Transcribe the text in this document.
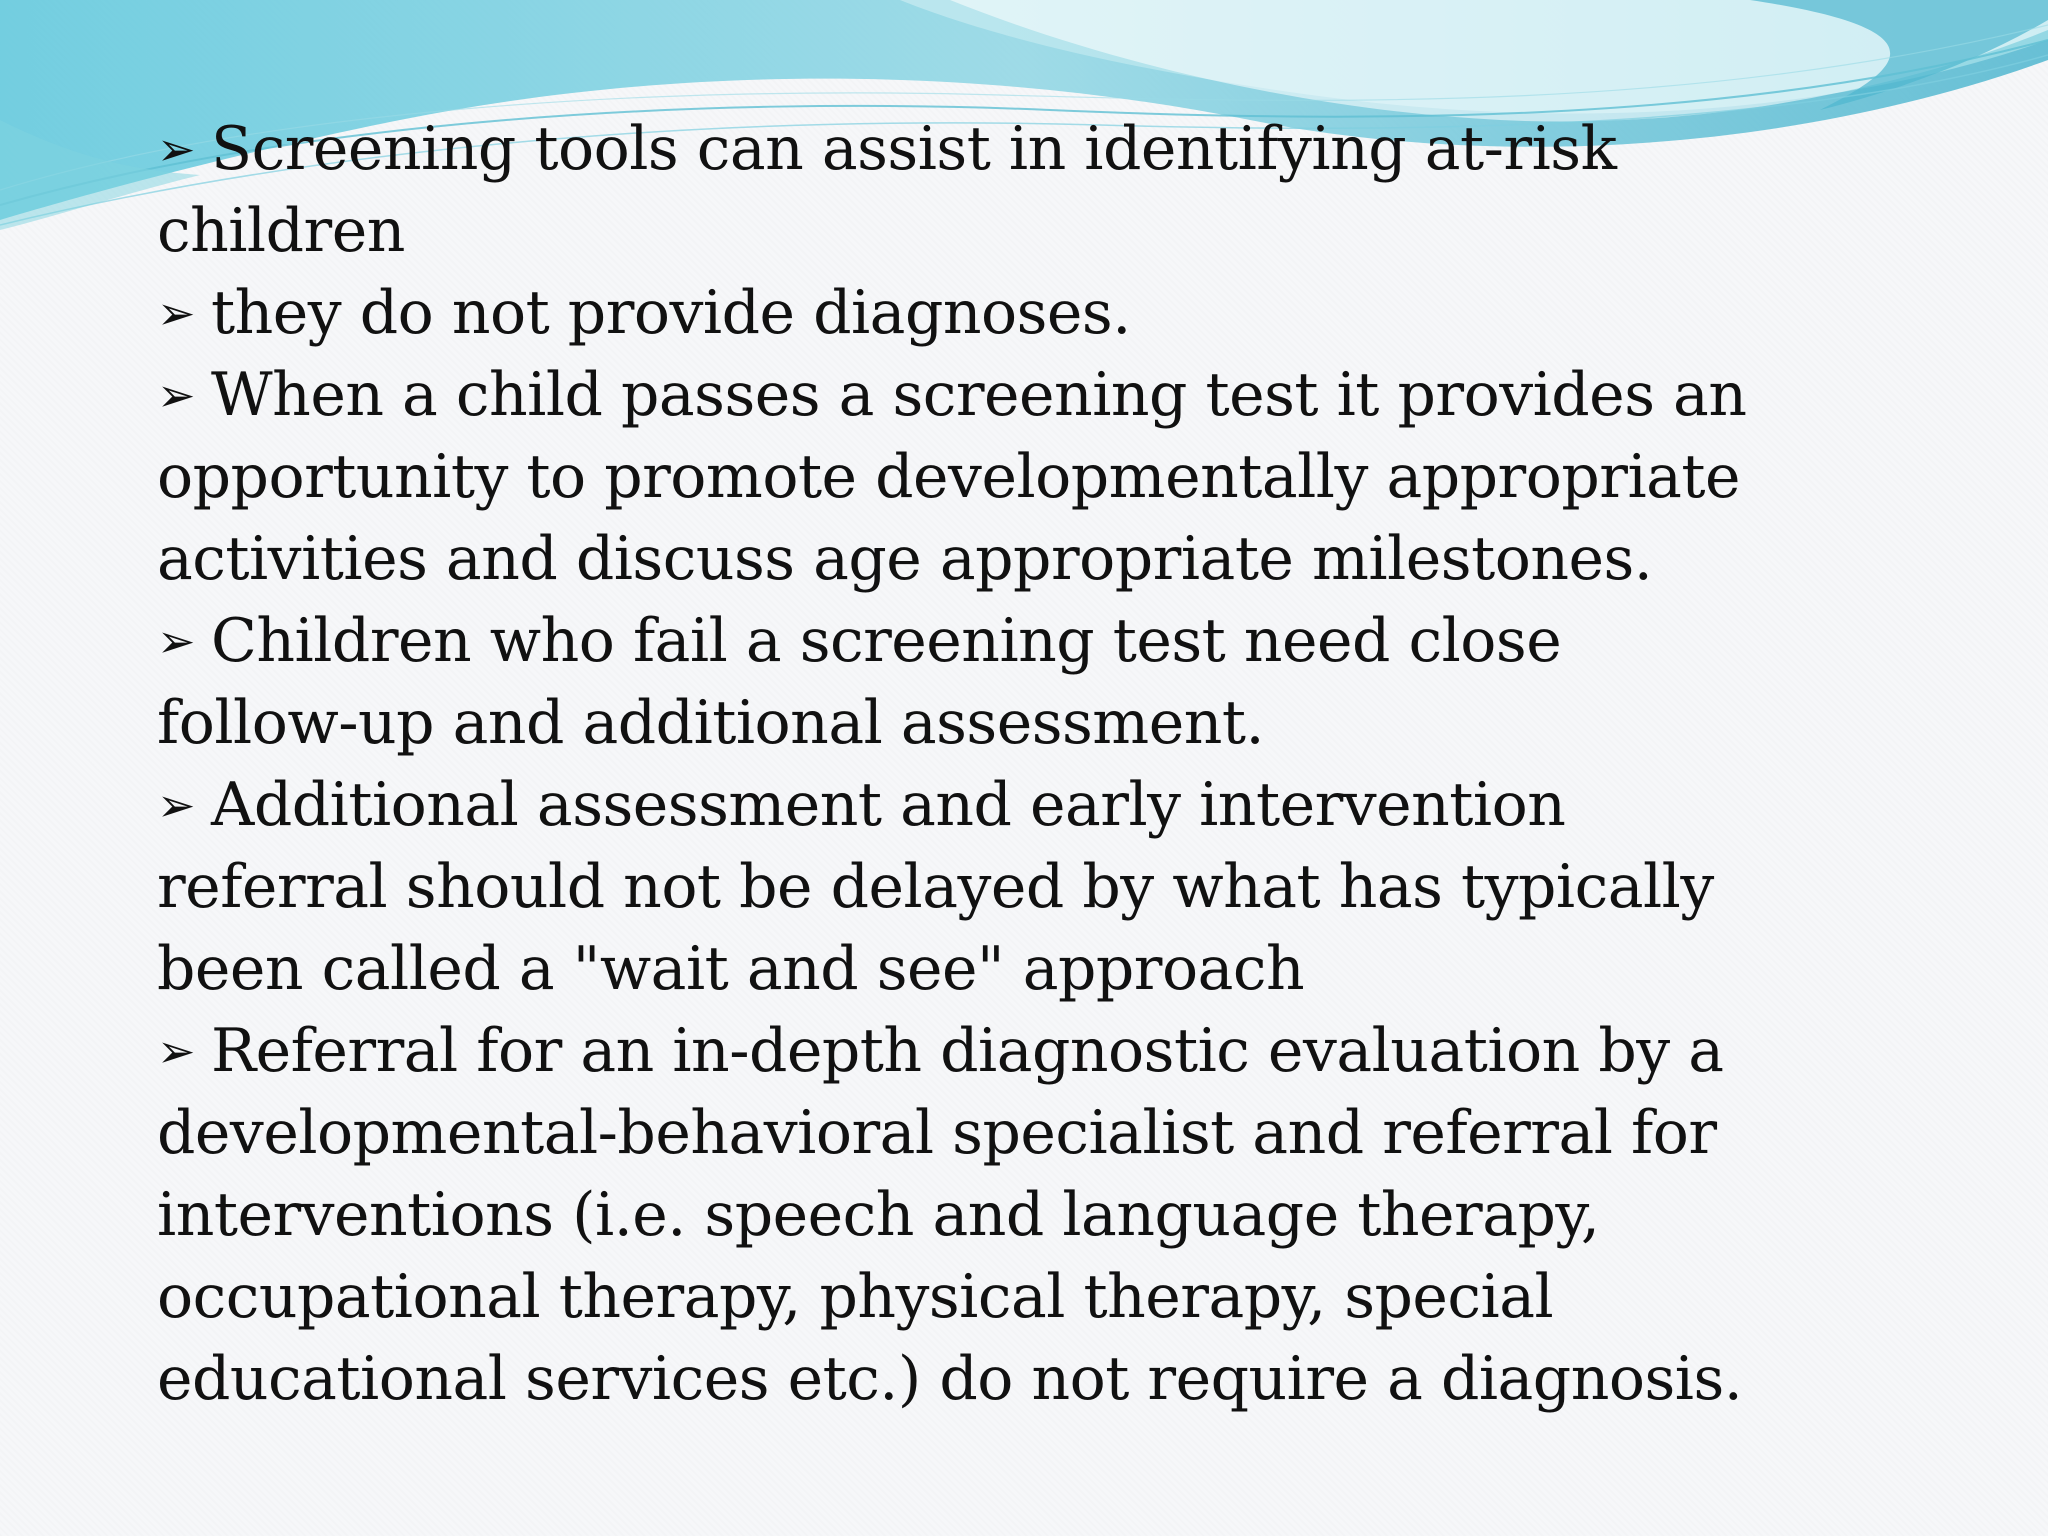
➢ Screening tools can assist in identifying at-risk children
➢ they do not provide diagnoses.
➢ When a child passes a screening test it provides an opportunity to promote developmentally appropriate activities and discuss age appropriate milestones.
➢ Children who fail a screening test need close follow-up and additional assessment.
➢ Additional assessment and early intervention referral should not be delayed by what has typically been called a "wait and see" approach
➢ Referral for an in-depth diagnostic evaluation by a developmental-behavioral specialist and referral for interventions (i.e. speech and language therapy, occupational therapy, physical therapy, special educational services etc.) do not require a diagnosis.
